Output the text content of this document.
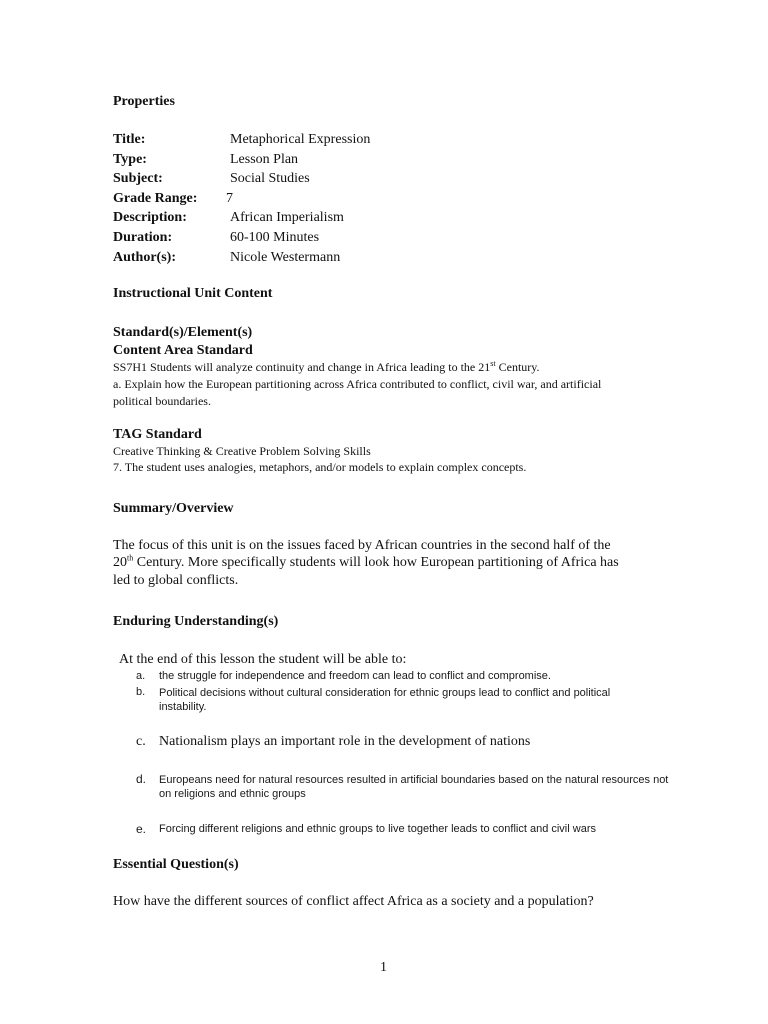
Properties
Title:	Metaphorical Expression
Type:	Lesson Plan
Subject:	Social Studies
Grade Range: 7
Description:	African Imperialism
Duration:	60-100 Minutes
Author(s):	Nicole Westermann
Instructional Unit Content
Standard(s)/Element(s)
Content Area Standard
SS7H1 Students will analyze continuity and change in Africa leading to the 21st Century.
a. Explain how the European partitioning across Africa contributed to conflict, civil war, and artificial political boundaries.
TAG Standard
Creative Thinking & Creative Problem Solving Skills
7. The student uses analogies, metaphors, and/or models to explain complex concepts.
Summary/Overview
The focus of this unit is on the issues faced by African countries in the second half of the
20th Century. More specifically students will look how European partitioning of Africa has
led to global conflicts.
Enduring Understanding(s)
At the end of this lesson the student will be able to:
a. the struggle for independence and freedom can lead to conflict and compromise.
b. Political decisions without cultural consideration for ethnic groups lead to conflict and political instability.
c. Nationalism plays an important role in the development of nations
d. Europeans need for natural resources resulted in artificial boundaries based on the natural resources not on religions and ethnic groups
e. Forcing different religions and ethnic groups to live together leads to conflict and civil wars
Essential Question(s)
How have the different sources of conflict affect Africa as a society and a population?
1
